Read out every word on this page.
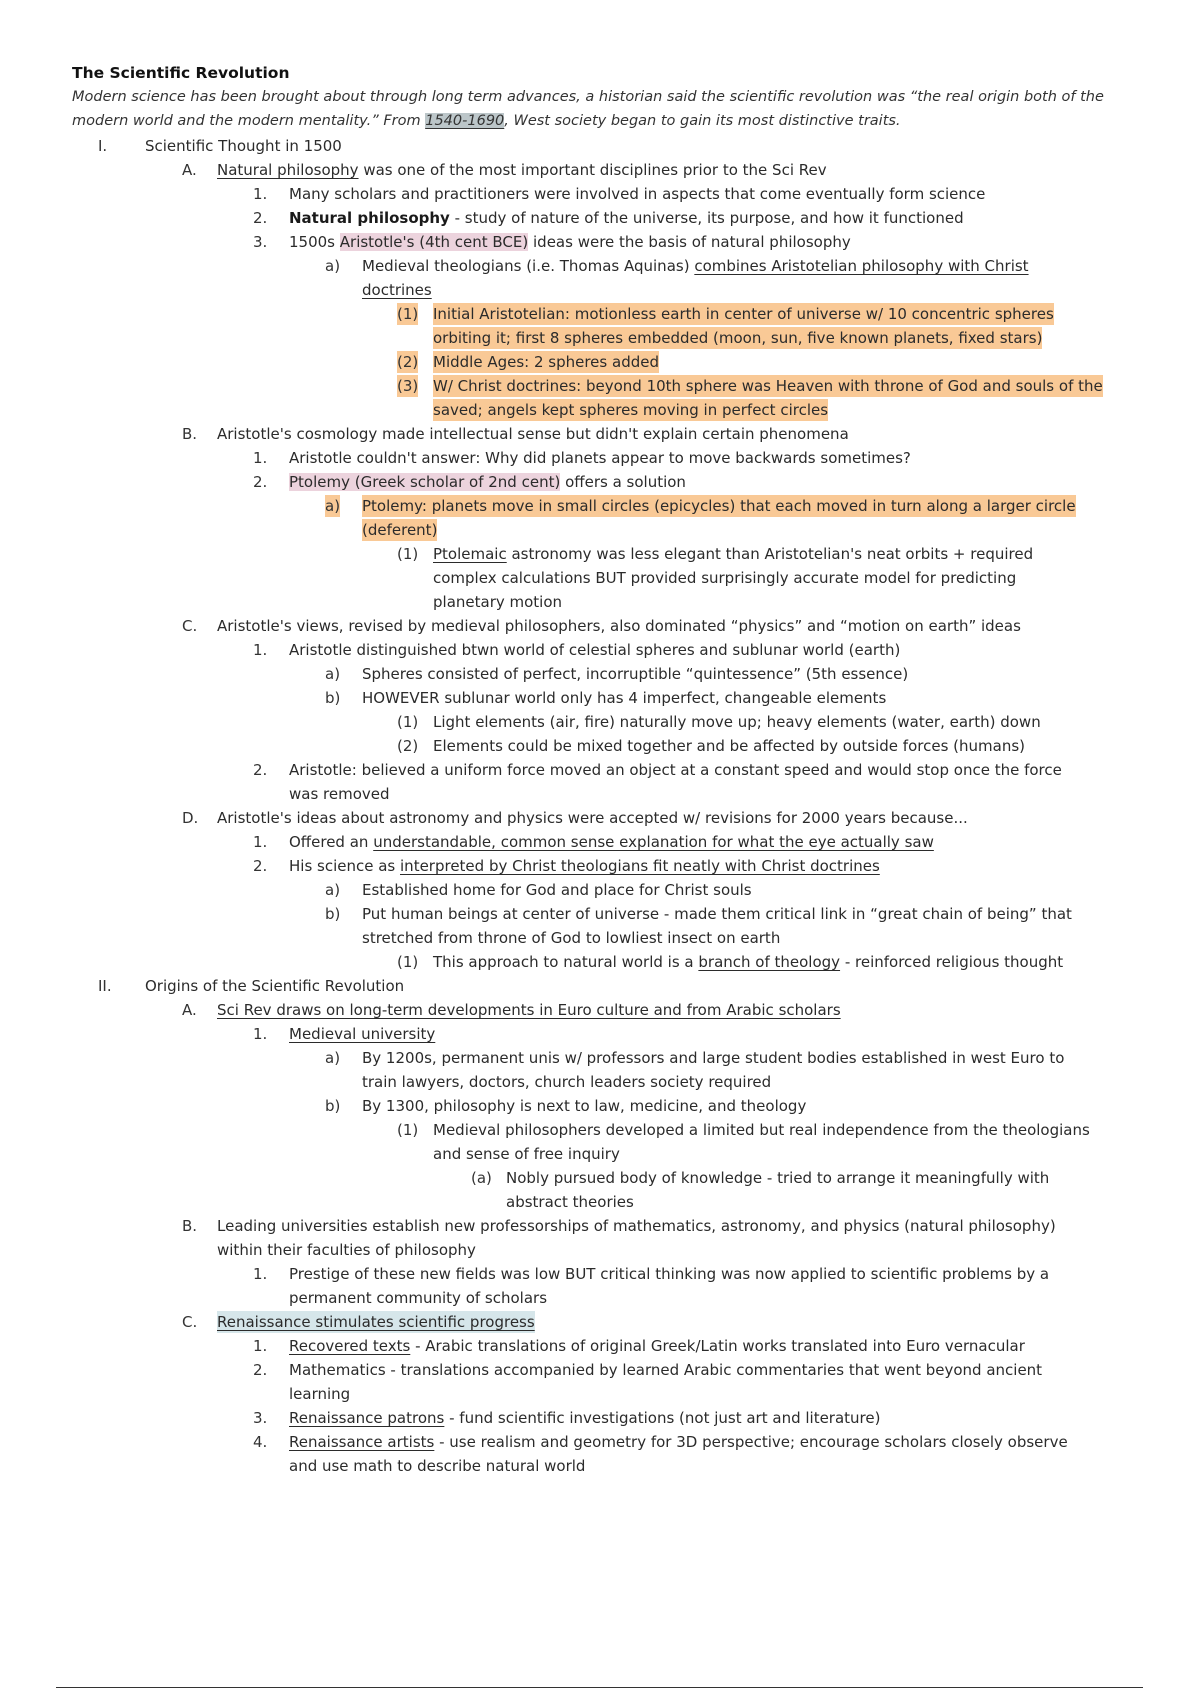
The Scientific Revolution
Modern science has been brought about through long term advances, a historian said the scientific revolution was “the real origin both of the
modern world and the modern mentality.” From 1540-1690, West society began to gain its most distinctive traits.
I.	Scientific Thought in 1500
A. Natural philosophy was one of the most important disciplines prior to the Sci Rev
1. Many scholars and practitioners were involved in aspects that come eventually form science
2. Natural philosophy - study of nature of the universe, its purpose, and how it functioned
3. 1500s Aristotle's (4th cent BCE) ideas were the basis of natural philosophy
a) Medieval theologians (i.e. Thomas Aquinas) combines Aristotelian philosophy with Christ
doctrines
(1) Initial Aristotelian: motionless earth in center of universe w/ 10 concentric spheres
orbiting it; first 8 spheres embedded (moon, sun, five known planets, fixed stars)
(2) Middle Ages: 2 spheres added
(3) W/ Christ doctrines: beyond 10th sphere was Heaven with throne of God and souls of the
saved; angels kept spheres moving in perfect circles
B. Aristotle's cosmology made intellectual sense but didn't explain certain phenomena
1. Aristotle couldn't answer: Why did planets appear to move backwards sometimes?
2. Ptolemy (Greek scholar of 2nd cent) offers a solution
a) Ptolemy: planets move in small circles (epicycles) that each moved in turn along a larger circle
(deferent)
(1) Ptolemaic astronomy was less elegant than Aristotelian's neat orbits + required
complex calculations BUT provided surprisingly accurate model for predicting
planetary motion
C. Aristotle's views, revised by medieval philosophers, also dominated “physics” and “motion on earth” ideas
1. Aristotle distinguished btwn world of celestial spheres and sublunar world (earth)
a) Spheres consisted of perfect, incorruptible “quintessence” (5th essence)
b) HOWEVER sublunar world only has 4 imperfect, changeable elements
(1) Light elements (air, fire) naturally move up; heavy elements (water, earth) down
(2) Elements could be mixed together and be affected by outside forces (humans)
2. Aristotle: believed a uniform force moved an object at a constant speed and would stop once the force
was removed
D. Aristotle's ideas about astronomy and physics were accepted w/ revisions for 2000 years because...
1. Offered an understandable, common sense explanation for what the eye actually saw
2. His science as interpreted by Christ theologians fit neatly with Christ doctrines
a) Established home for God and place for Christ souls
b) Put human beings at center of universe - made them critical link in “great chain of being” that
stretched from throne of God to lowliest insect on earth
(1) This approach to natural world is a branch of theology - reinforced religious thought
II. Origins of the Scientific Revolution
A. Sci Rev draws on long-term developments in Euro culture and from Arabic scholars
1. Medieval university
a) By 1200s, permanent unis w/ professors and large student bodies established in west Euro to
train lawyers, doctors, church leaders society required
b) By 1300, philosophy is next to law, medicine, and theology
(1) Medieval philosophers developed a limited but real independence from the theologians
and sense of free inquiry
(a) Nobly pursued body of knowledge - tried to arrange it meaningfully with
abstract theories
B. Leading universities establish new professorships of mathematics, astronomy, and physics (natural philosophy)
within their faculties of philosophy
1. Prestige of these new fields was low BUT critical thinking was now applied to scientific problems by a
permanent community of scholars
C. Renaissance stimulates scientific progress
1. Recovered texts - Arabic translations of original Greek/Latin works translated into Euro vernacular
2. Mathematics - translations accompanied by learned Arabic commentaries that went beyond ancient
learning
3. Renaissance patrons - fund scientific investigations (not just art and literature)
4. Renaissance artists - use realism and geometry for 3D perspective; encourage scholars closely observe
and use math to describe natural world
